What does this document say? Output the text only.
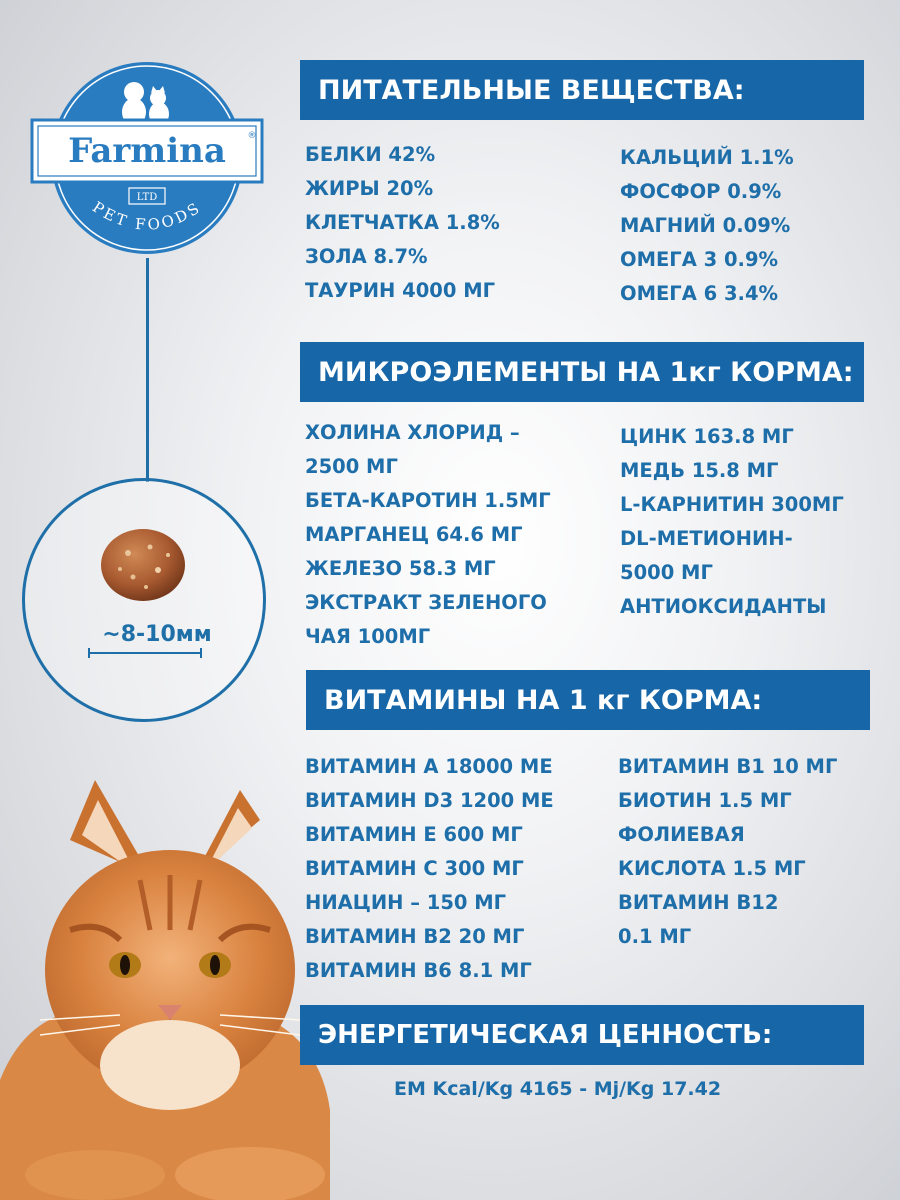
Farmina ®
LTD
PET FOODS
~8-10мм
ПИТАТЕЛЬНЫЕ ВЕЩЕСТВА:
БЕЛКИ 42%
ЖИРЫ 20%
КЛЕТЧАТКА 1.8%
ЗОЛА 8.7%
ТАУРИН 4000 МГ
КАЛЬЦИЙ 1.1%
ФОСФОР 0.9%
МАГНИЙ 0.09%
ОМЕГА 3 0.9%
ОМЕГА 6 3.4%
МИКРОЭЛЕМЕНТЫ НА 1кг КОРМА:
ХОЛИНА ХЛОРИД –
2500 МГ
БЕТА-КАРОТИН 1.5МГ
МАРГАНЕЦ 64.6 МГ
ЖЕЛЕЗО 58.3 МГ
ЭКСТРАКТ ЗЕЛЕНОГО
ЧАЯ 100МГ
ЦИНК 163.8 МГ
МЕДЬ 15.8 МГ
L-КАРНИТИН 300МГ
DL-МЕТИОНИН-
5000 МГ
АНТИОКСИДАНТЫ
ВИТАМИНЫ НА 1 кг КОРМА:
ВИТАМИН А 18000 МЕ
ВИТАМИН D3 1200 МЕ
ВИТАМИН Е 600 МГ
ВИТАМИН С 300 МГ
НИАЦИН – 150 МГ
ВИТАМИН В2 20 МГ
ВИТАМИН В6 8.1 МГ
ВИТАМИН В1 10 МГ
БИОТИН 1.5 МГ
ФОЛИЕВАЯ
КИСЛОТА 1.5 МГ
ВИТАМИН В12
0.1 МГ
ЭНЕРГЕТИЧЕСКАЯ ЦЕННОСТЬ:
EM Kcal/Kg 4165 - Mj/Kg 17.42
